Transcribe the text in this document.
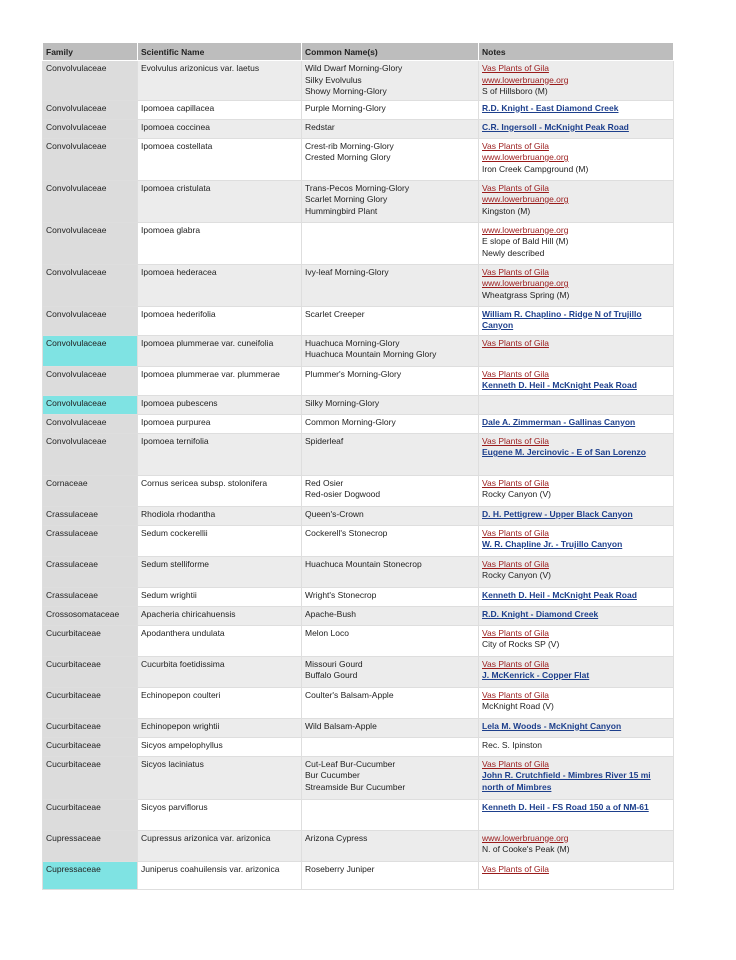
Family	Scientific Name	Common Name(s)	Notes
Convolvulaceae	Evolvulus arizonicus var. laetus	Wild Dwarf Morning-Glory
Silky Evolvulus
Showy Morning-Glory	Vas Plants of Gila
www.lowerbruange.org
S of Hillsboro (M)

Convolvulaceae	Ipomoea capillacea	Purple Morning-Glory	R.D. Knight - East Diamond Creek

Convolvulaceae	Ipomoea coccinea	Redstar	C.R. Ingersoll - McKnight Peak Road

Convolvulaceae	Ipomoea costellata	Crest-rib Morning-Glory
Crested Morning Glory	Vas Plants of Gila
www.lowerbruange.org
Iron Creek Campground (M)

Convolvulaceae	Ipomoea cristulata	Trans-Pecos Morning-Glory
Scarlet Morning Glory
Hummingbird Plant	Vas Plants of Gila
www.lowerbruange.org
Kingston (M)

Convolvulaceae	Ipomoea glabra		www.lowerbruange.org
E slope of Bald Hill (M)
Newly described

Convolvulaceae	Ipomoea hederacea	Ivy-leaf Morning-Glory	Vas Plants of Gila
www.lowerbruange.org
Wheatgrass Spring (M)

Convolvulaceae	Ipomoea hederifolia	Scarlet Creeper	William R. Chaplino - Ridge N of Trujillo Canyon

Convolvulaceae	Ipomoea plummerae var. cuneifolia	Huachuca Morning-Glory
Huachuca Mountain Morning Glory	Vas Plants of Gila

Convolvulaceae	Ipomoea plummerae var. plummerae	Plummer's Morning-Glory	Vas Plants of Gila
Kenneth D. Heil - McKnight Peak Road

Convolvulaceae	Ipomoea pubescens	Silky Morning-Glory	

Convolvulaceae	Ipomoea purpurea	Common Morning-Glory	Dale A. Zimmerman - Gallinas Canyon

Convolvulaceae	Ipomoea ternifolia	Spiderleaf	Vas Plants of Gila
Eugene M. Jercinovic - E of San Lorenzo

Cornaceae	Cornus sericea subsp. stolonifera	Red Osier
Red-osier Dogwood	Vas Plants of Gila
Rocky Canyon (V)

Crassulaceae	Rhodiola rhodantha	Queen's-Crown	D. H. Pettigrew - Upper Black Canyon

Crassulaceae	Sedum cockerellii	Cockerell's Stonecrop	Vas Plants of Gila
W. R. Chapline Jr. - Trujillo Canyon

Crassulaceae	Sedum stelliforme	Huachuca Mountain Stonecrop	Vas Plants of Gila
Rocky Canyon (V)

Crassulaceae	Sedum wrightii	Wright's Stonecrop	Kenneth D. Heil - McKnight Peak Road

Crossosomataceae	Apacheria chiricahuensis	Apache-Bush	R.D. Knight - Diamond Creek

Cucurbitaceae	Apodanthera undulata	Melon Loco	Vas Plants of Gila
City of Rocks SP (V)

Cucurbitaceae	Cucurbita foetidissima	Missouri Gourd
Buffalo Gourd	Vas Plants of Gila
J. McKenrick - Copper Flat

Cucurbitaceae	Echinopepon coulteri	Coulter's Balsam-Apple	Vas Plants of Gila
McKnight Road (V)

Cucurbitaceae	Echinopepon wrightii	Wild Balsam-Apple	Lela M. Woods - McKnight Canyon

Cucurbitaceae	Sicyos ampelophyllus		Rec. S. Ipinston

Cucurbitaceae	Sicyos laciniatus	Cut-Leaf Bur-Cucumber
Bur Cucumber
Streamside Bur Cucumber	Vas Plants of Gila
John R. Crutchfield - Mimbres River 15 mi north of Mimbres

Cucurbitaceae	Sicyos parviflorus		Kenneth D. Heil - FS Road 150 a of NM-61

Cupressaceae	Cupressus arizonica var. arizonica	Arizona Cypress	www.lowerbruange.org
N. of Cooke's Peak (M)

Cupressaceae	Juniperus coahuilensis var. arizonica	Roseberry Juniper	Vas Plants of Gila
